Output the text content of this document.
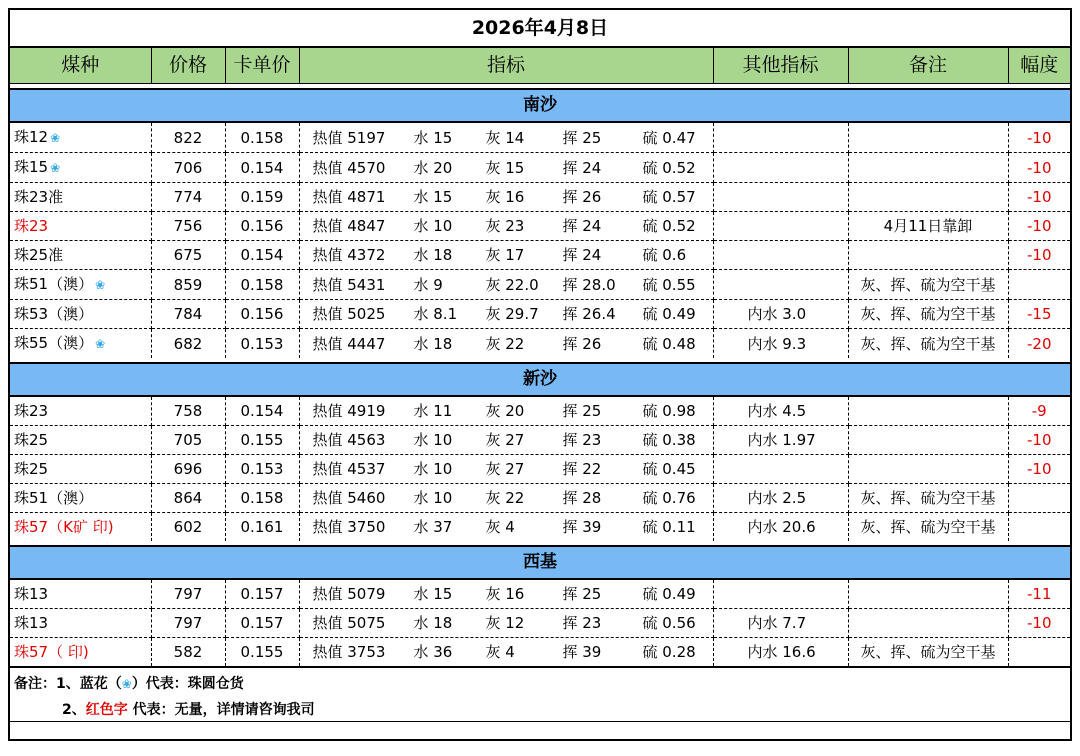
2026年4月8日
煤种	价格	卡单价	指标	其他指标	备注	幅度

南沙						
珠12 ❀	822	0.158	热值 5197 水 15 灰 14 挥 25 硫 0.47			-10
珠15 ❀	706	0.154	热值 4570 水 20 灰 15 挥 24 硫 0.52			-10
珠23准	774	0.159	热值 4871 水 15 灰 16 挥 26 硫 0.57			-10
珠23	756	0.156	热值 4847 水 10 灰 23 挥 24 硫 0.52		4月11日靠卸	-10
珠25准	675	0.154	热值 4372 水 18 灰 17 挥 24 硫 0.6			-10
珠51（澳） ❀	859	0.158	热值 5431 水 9 灰 22.0 挥 28.0 硫 0.55		灰、挥、硫为空干基	
珠53（澳）	784	0.156	热值 5025 水 8.1 灰 29.7 挥 26.4 硫 0.49	内水 3.0	灰、挥、硫为空干基	-15
珠55（澳） ❀	682	0.153	热值 4447 水 18 灰 22 挥 26 硫 0.48	内水 9.3	灰、挥、硫为空干基	-20

新沙						
珠23	758	0.154	热值 4919 水 11 灰 20 挥 25 硫 0.98	内水 4.5		-9
珠25	705	0.155	热值 4563 水 10 灰 27 挥 23 硫 0.38	内水 1.97		-10
珠25	696	0.153	热值 4537 水 10 灰 27 挥 22 硫 0.45			-10
珠51（澳）	864	0.158	热值 5460 水 10 灰 22 挥 28 硫 0.76	内水 2.5	灰、挥、硫为空干基	
珠57（K矿 印)	602	0.161	热值 3750 水 37 灰 4 挥 39 硫 0.11	内水 20.6	灰、挥、硫为空干基	

西基						
珠13	797	0.157	热值 5079 水 15 灰 16 挥 25 硫 0.49			-11
珠13	797	0.157	热值 5075 水 18 灰 12 挥 23 硫 0.56	内水 7.7		-10
珠57（ 印)	582	0.155	热值 3753 水 36 灰 4 挥 39 硫 0.28	内水 16.6	灰、挥、硫为空干基	
备注：1、蓝花（❀）代表：珠圆仓货
2、红色字 代表：无量，详情请咨询我司
